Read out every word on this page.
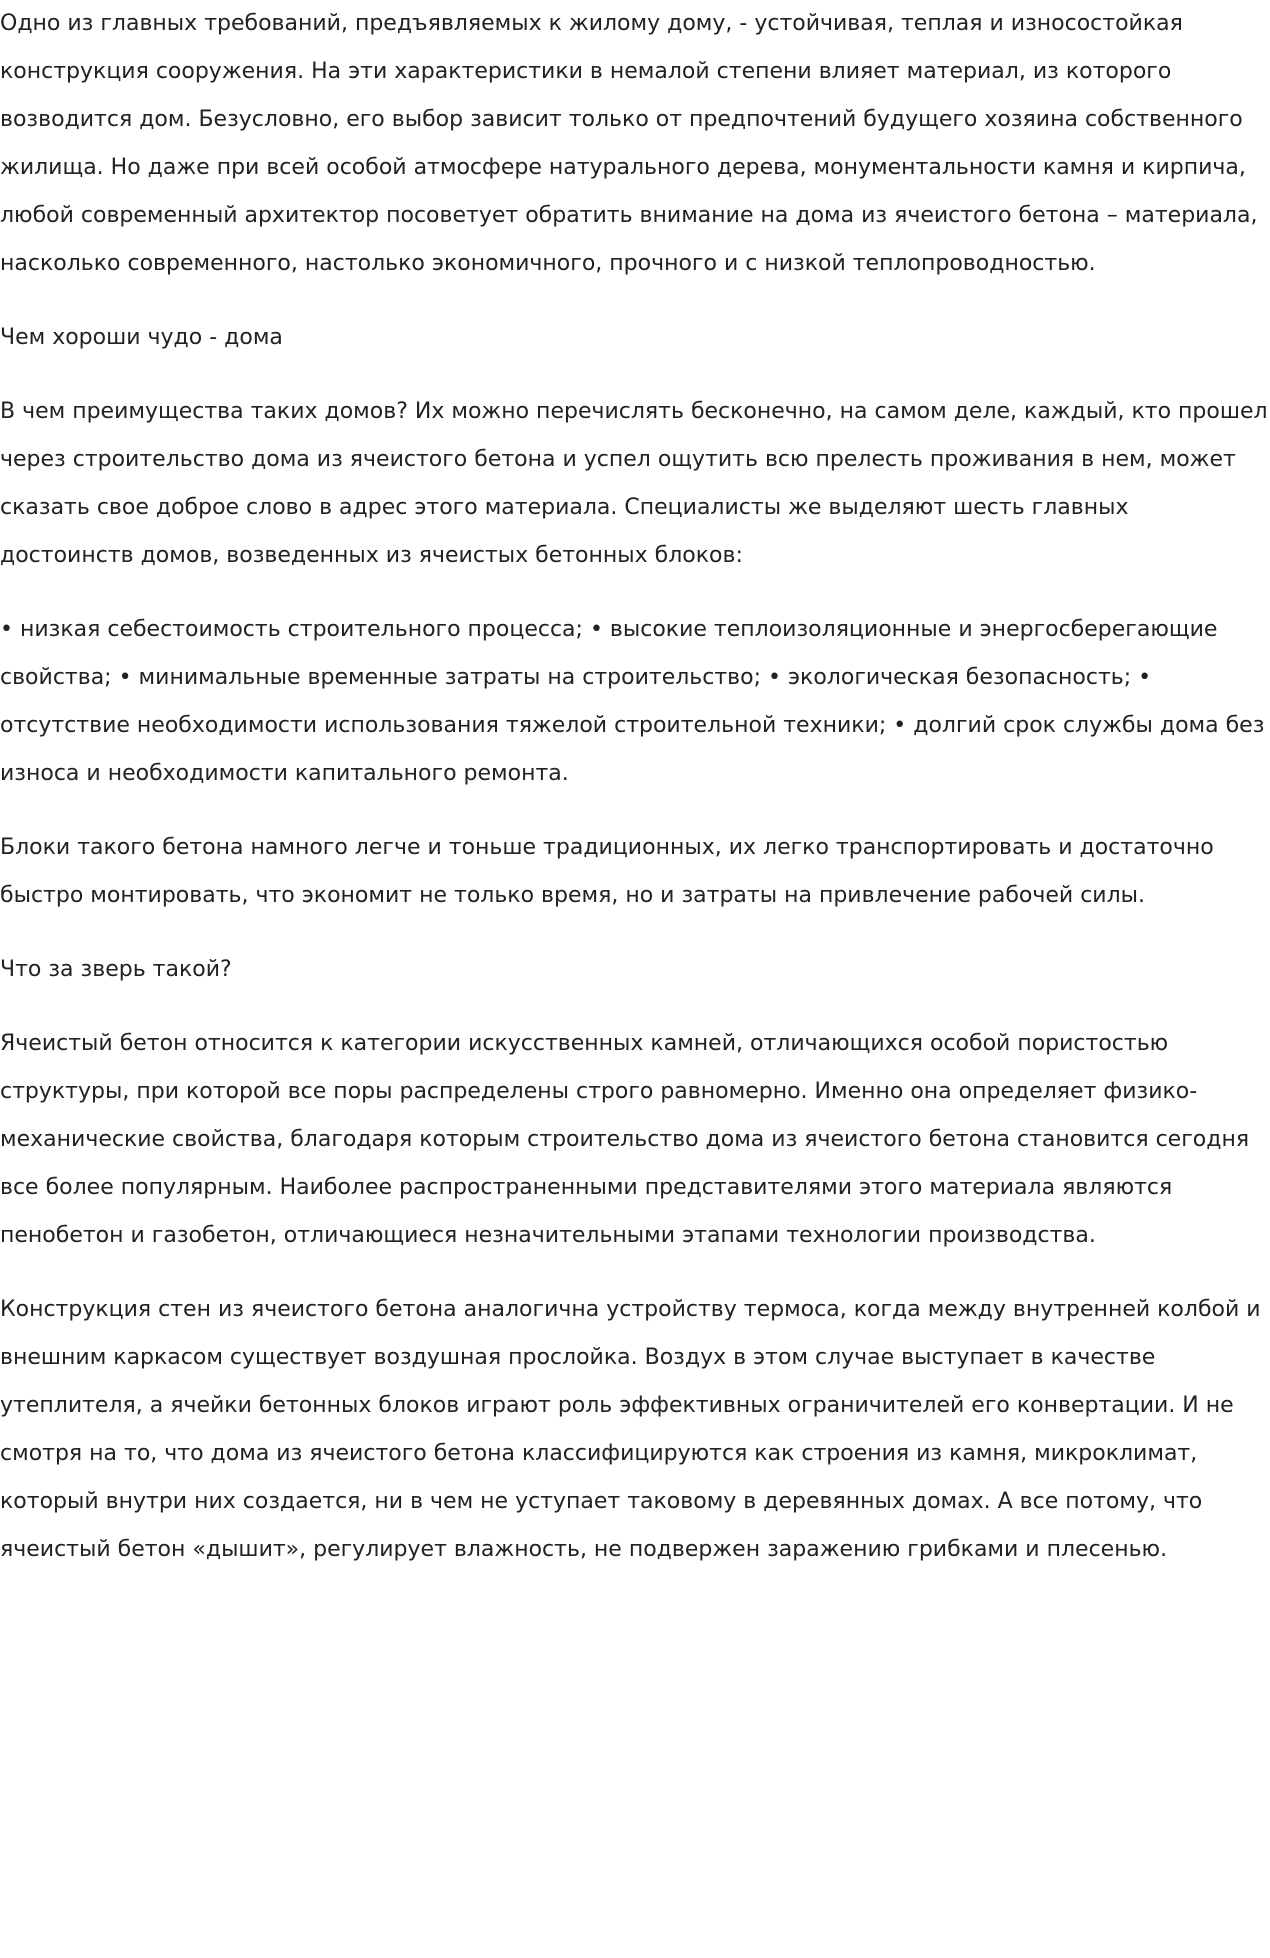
Одно из главных требований, предъявляемых к жилому дому, - устойчивая, теплая и износостойкая конструкция сооружения. На эти характеристики в немалой степени влияет материал, из которого возводится дом. Безусловно, его выбор зависит только от предпочтений будущего хозяина собственного жилища. Но даже при всей особой атмосфере натурального дерева, монументальности камня и кирпича, любой современный архитектор посоветует обратить внимание на дома из ячеистого бетона – материала, насколько современного, настолько экономичного, прочного и с низкой теплопроводностью.

Чем хороши чудо - дома

В чем преимущества таких домов? Их можно перечислять бесконечно, на самом деле, каждый, кто прошел через строительство дома из ячеистого бетона и успел ощутить всю прелесть проживания в нем, может сказать свое доброе слово в адрес этого материала. Специалисты же выделяют шесть главных достоинств домов, возведенных из ячеистых бетонных блоков:

• низкая себестоимость строительного процесса; • высокие теплоизоляционные и энергосберегающие свойства; • минимальные временные затраты на строительство; • экологическая безопасность; • отсутствие необходимости использования тяжелой строительной техники; • долгий срок службы дома без износа и необходимости капитального ремонта.

Блоки такого бетона намного легче и тоньше традиционных, их легко транспортировать и достаточно быстро монтировать, что экономит не только время, но и затраты на привлечение рабочей силы.

Что за зверь такой?

Ячеистый бетон относится к категории искусственных камней, отличающихся особой пористостью структуры, при которой все поры распределены строго равномерно. Именно она определяет физико-механические свойства, благодаря которым строительство дома из ячеистого бетона становится сегодня все более популярным. Наиболее распространенными представителями этого материала являются пенобетон и газобетон, отличающиеся незначительными этапами технологии производства.

Конструкция стен из ячеистого бетона аналогична устройству термоса, когда между внутренней колбой и внешним каркасом существует воздушная прослойка. Воздух в этом случае выступает в качестве утеплителя, а ячейки бетонных блоков играют роль эффективных ограничителей его конвертации. И не смотря на то, что дома из ячеистого бетона классифицируются как строения из камня, микроклимат, который внутри них создается, ни в чем не уступает таковому в деревянных домах. А все потому, что ячеистый бетон «дышит», регулирует влажность, не подвержен заражению грибками и плесенью.
